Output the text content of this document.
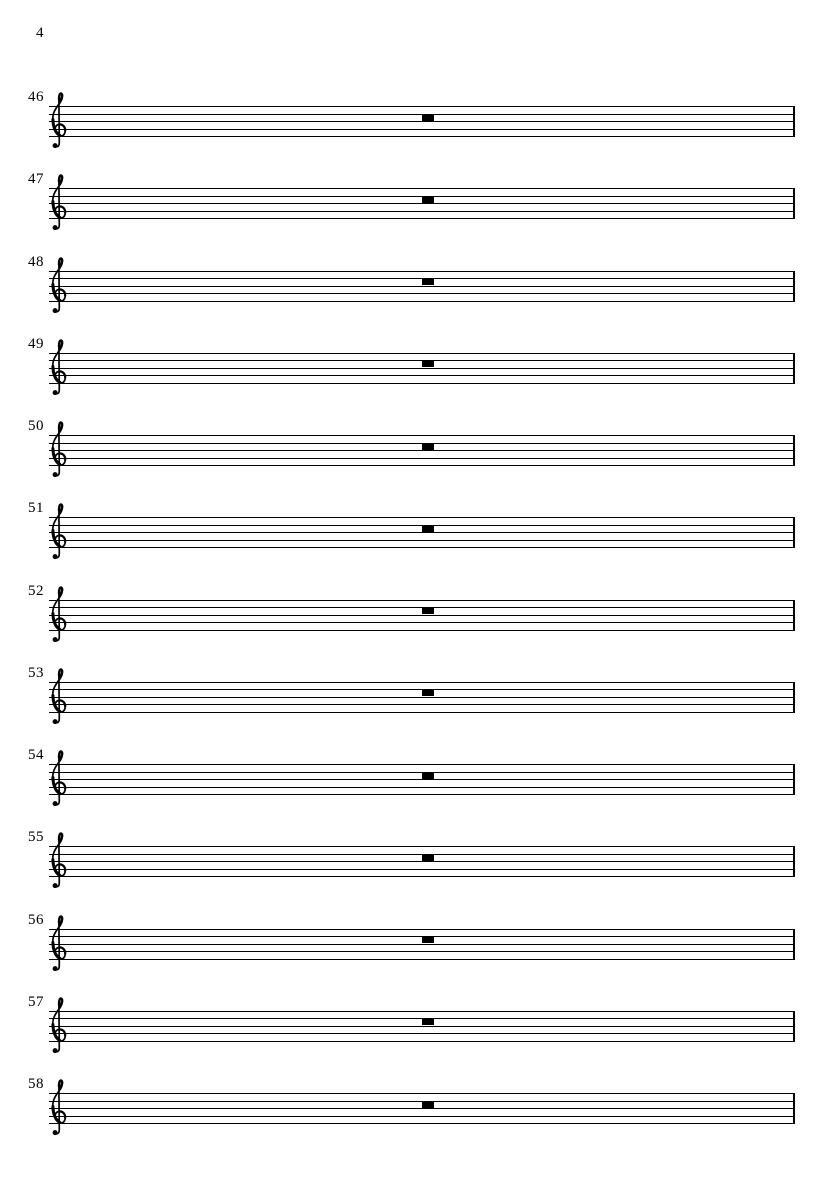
4
46
47
48
49
50
51
52
53
54
55
56
57
58
